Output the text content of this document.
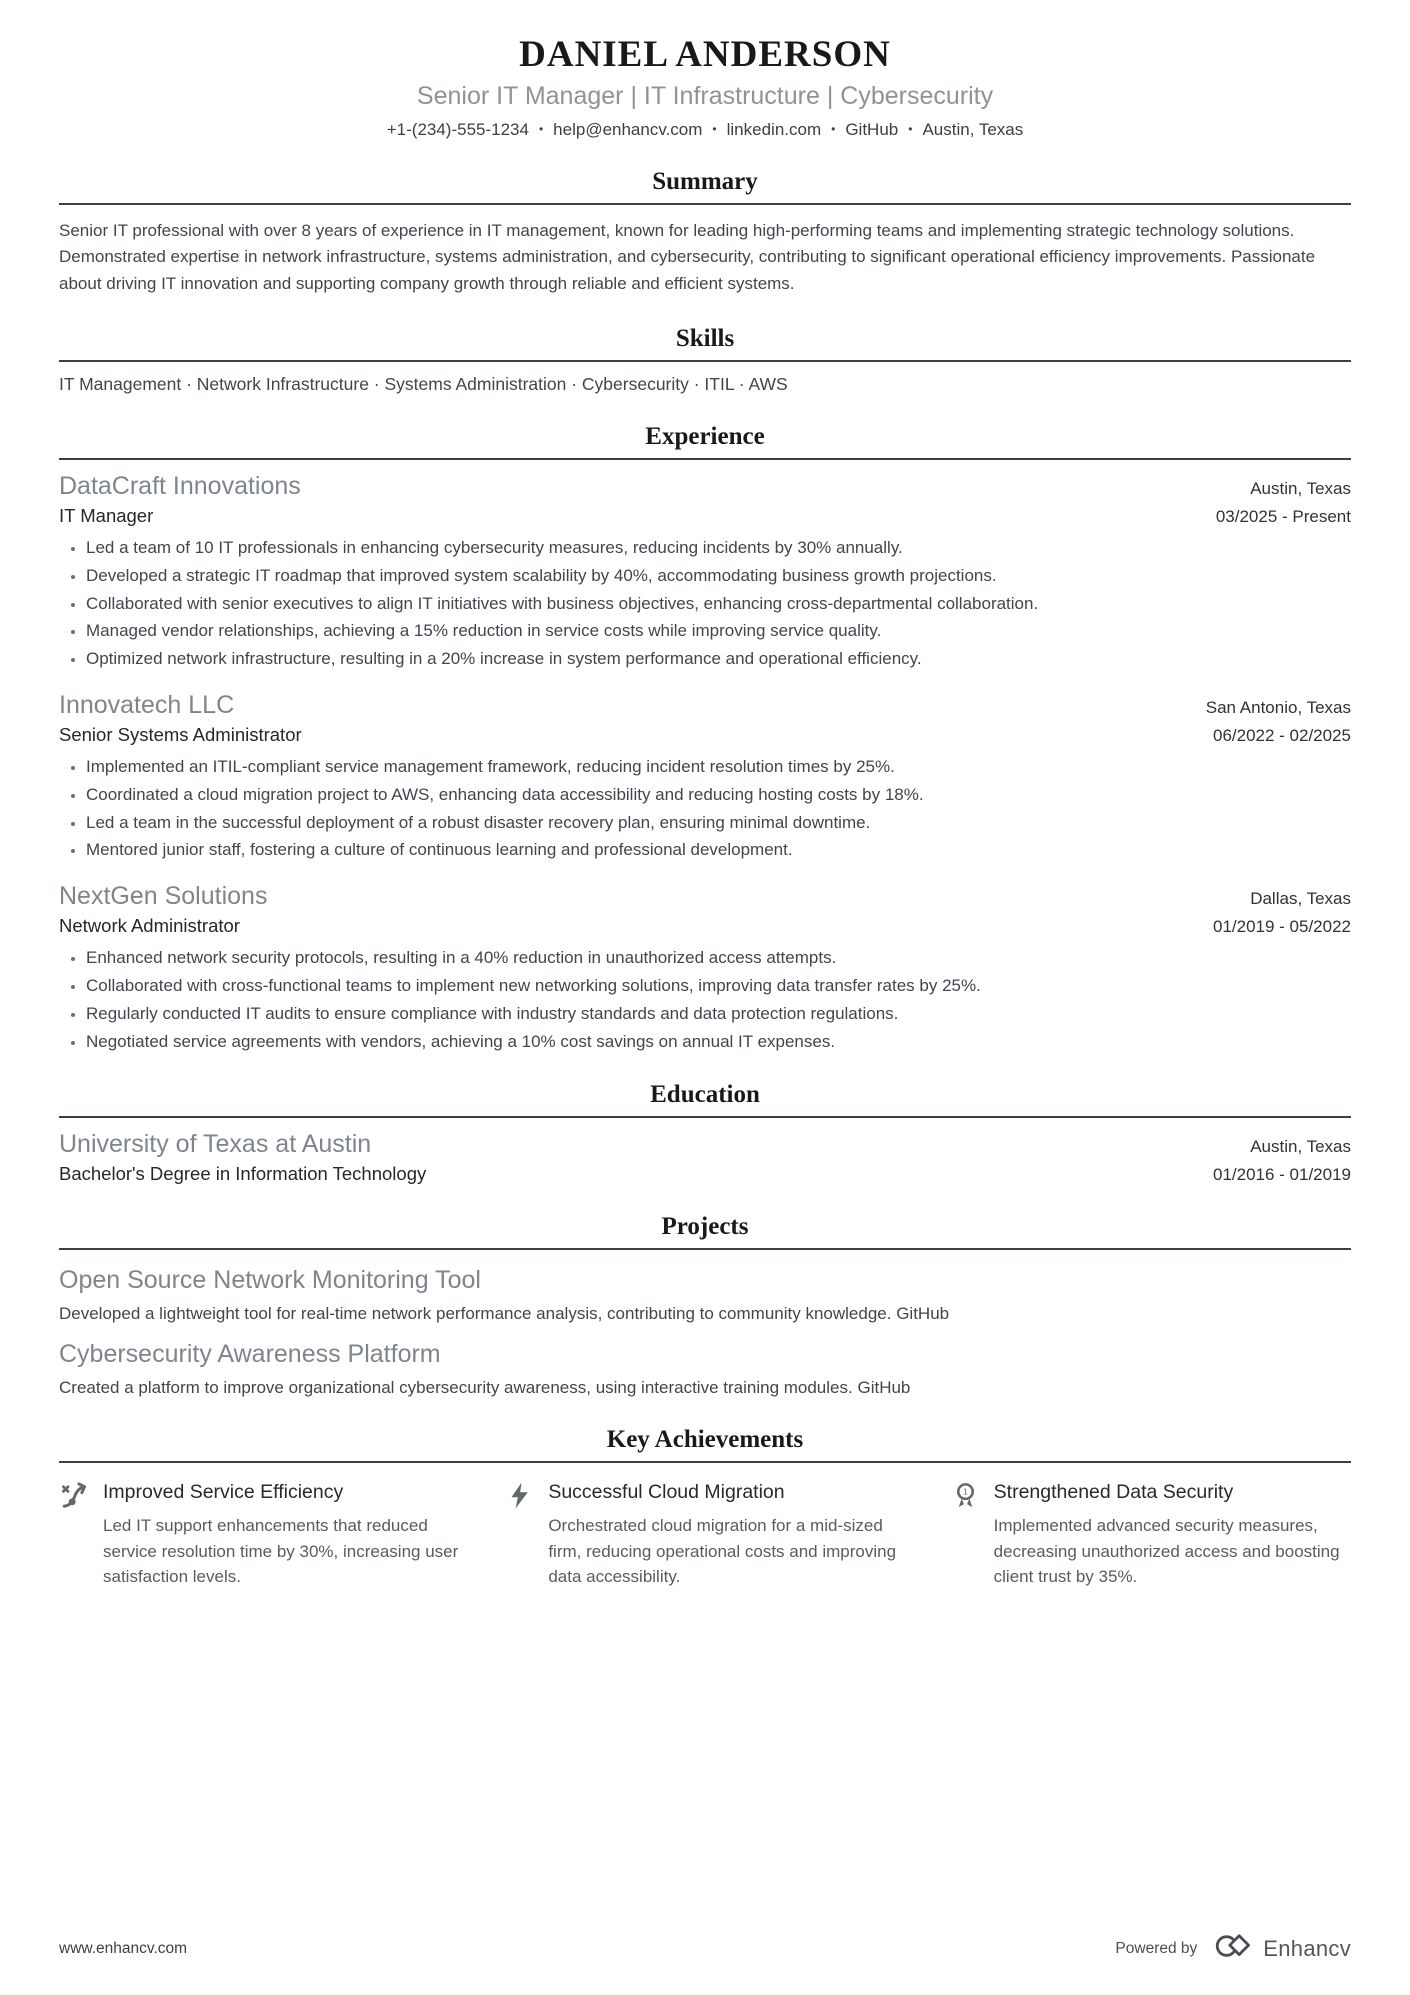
DANIEL ANDERSON
Senior IT Manager | IT Infrastructure | Cybersecurity
+1-(234)-555-1234 • help@enhancv.com • linkedin.com • GitHub • Austin, Texas
Summary

Senior IT professional with over 8 years of experience in IT management, known for leading high-performing teams and implementing strategic technology solutions. Demonstrated expertise in network infrastructure, systems administration, and cybersecurity, contributing to significant operational efficiency improvements. Passionate about driving IT innovation and supporting company growth through reliable and efficient systems.

Skills
IT Management · Network Infrastructure · Systems Administration · Cybersecurity · ITIL · AWS
Experience
DataCraft Innovations	Austin, Texas
IT Manager	03/2025 - Present
• Led a team of 10 IT professionals in enhancing cybersecurity measures, reducing incidents by 30% annually.
• Developed a strategic IT roadmap that improved system scalability by 40%, accommodating business growth projections.
• Collaborated with senior executives to align IT initiatives with business objectives, enhancing cross-departmental collaboration.
• Managed vendor relationships, achieving a 15% reduction in service costs while improving service quality.
• Optimized network infrastructure, resulting in a 20% increase in system performance and operational efficiency.
Innovatech LLC	San Antonio, Texas
Senior Systems Administrator	06/2022 - 02/2025
• Implemented an ITIL-compliant service management framework, reducing incident resolution times by 25%.
• Coordinated a cloud migration project to AWS, enhancing data accessibility and reducing hosting costs by 18%.
• Led a team in the successful deployment of a robust disaster recovery plan, ensuring minimal downtime.
• Mentored junior staff, fostering a culture of continuous learning and professional development.
NextGen Solutions	Dallas, Texas
Network Administrator	01/2019 - 05/2022
• Enhanced network security protocols, resulting in a 40% reduction in unauthorized access attempts.
• Collaborated with cross-functional teams to implement new networking solutions, improving data transfer rates by 25%.
• Regularly conducted IT audits to ensure compliance with industry standards and data protection regulations.
• Negotiated service agreements with vendors, achieving a 10% cost savings on annual IT expenses.
Education
University of Texas at Austin	Austin, Texas
Bachelor's Degree in Information Technology	01/2016 - 01/2019
Projects
Open Source Network Monitoring Tool

Developed a lightweight tool for real-time network performance analysis, contributing to community knowledge. GitHub

Cybersecurity Awareness Platform

Created a platform to improve organizational cybersecurity awareness, using interactive training modules. GitHub

Key Achievements
Improved Service Efficiency

Led IT support enhancements that reduced service resolution time by 30%, increasing user satisfaction levels.

Successful Cloud Migration

Orchestrated cloud migration for a mid-sized firm, reducing operational costs and improving data accessibility.

1 Strengthened Data Security

Implemented advanced security measures, decreasing unauthorized access and boosting client trust by 35%.

www.enhancv.com	Powered by	Enhancv
